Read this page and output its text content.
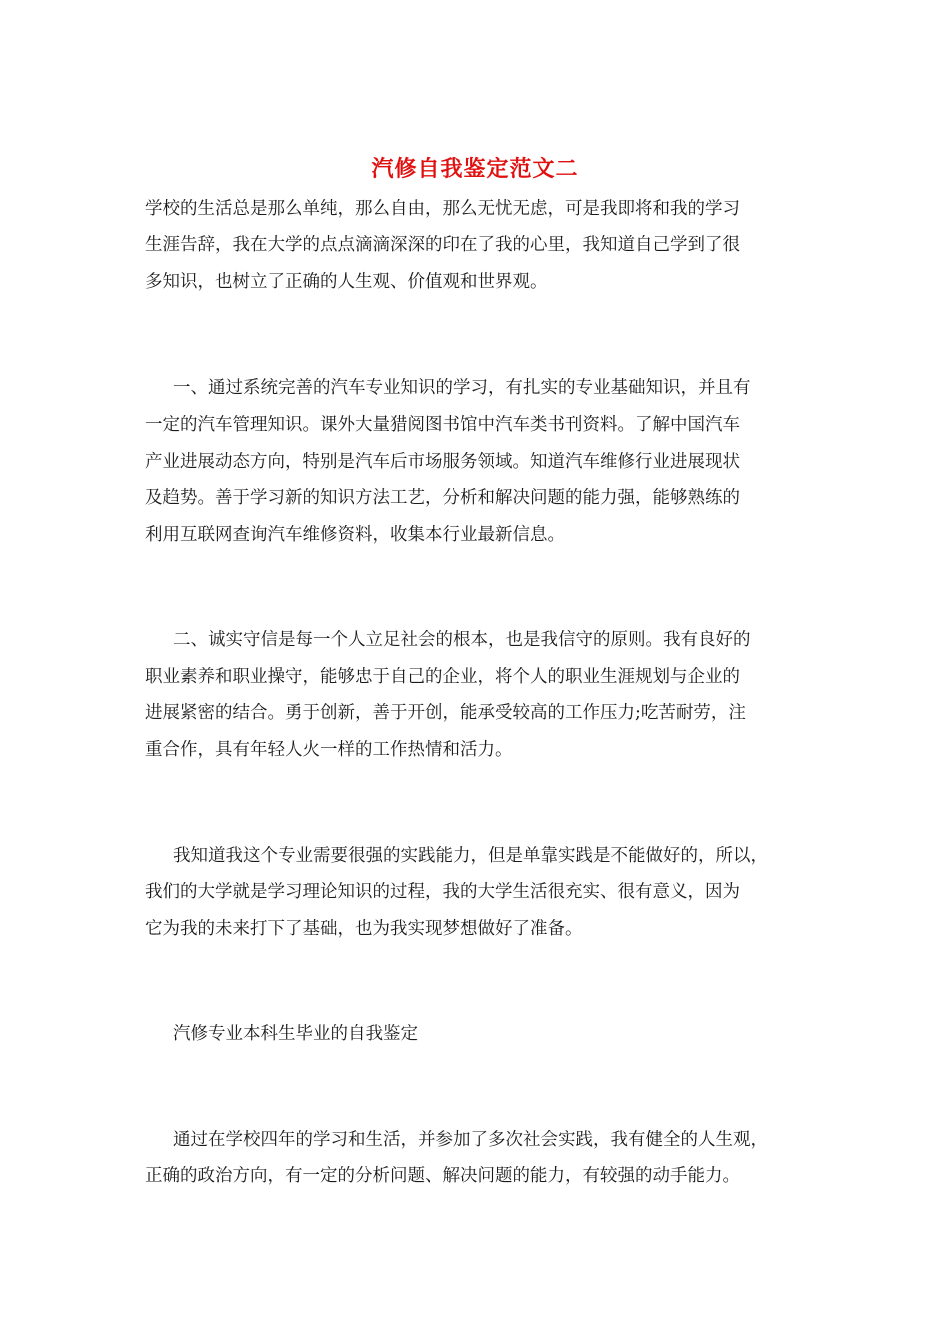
汽修自我鉴定范文二
学校的生活总是那么单纯，那么自由，那么无忧无虑，可是我即将和我的学习
生涯告辞，我在大学的点点滴滴深深的印在了我的心里，我知道自己学到了很
多知识，也树立了正确的人生观、价值观和世界观。
一、通过系统完善的汽车专业知识的学习，有扎实的专业基础知识，并且有
一定的汽车管理知识。课外大量猎阅图书馆中汽车类书刊资料。了解中国汽车
产业进展动态方向，特别是汽车后市场服务领域。知道汽车维修行业进展现状
及趋势。善于学习新的知识方法工艺，分析和解决问题的能力强，能够熟练的
利用互联网查询汽车维修资料，收集本行业最新信息。
二、诚实守信是每一个人立足社会的根本，也是我信守的原则。我有良好的
职业素养和职业操守，能够忠于自己的企业，将个人的职业生涯规划与企业的
进展紧密的结合。勇于创新，善于开创，能承受较高的工作压力;吃苦耐劳，注
重合作，具有年轻人火一样的工作热情和活力。
我知道我这个专业需要很强的实践能力，但是单靠实践是不能做好的，所以，
我们的大学就是学习理论知识的过程，我的大学生活很充实、很有意义，因为
它为我的未来打下了基础，也为我实现梦想做好了准备。
汽修专业本科生毕业的自我鉴定
通过在学校四年的学习和生活，并参加了多次社会实践，我有健全的人生观，
正确的政治方向，有一定的分析问题、解决问题的能力，有较强的动手能力。
